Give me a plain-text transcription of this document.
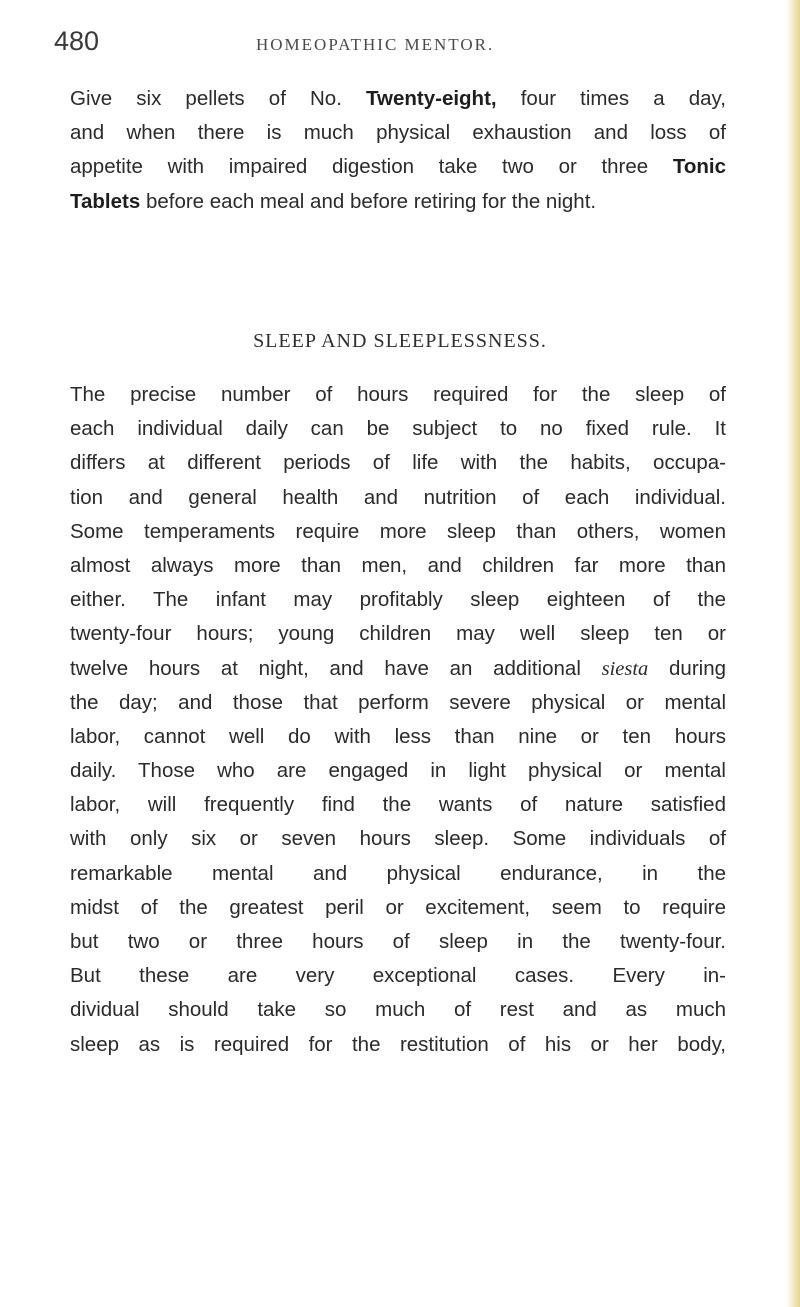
480	HOMEOPATHIC MENTOR.
Give six pellets of No. Twenty-eight, four times a day,
and when there is much physical exhaustion and loss of
appetite with impaired digestion take two or three Tonic
Tablets before each meal and before retiring for the night.
SLEEP AND SLEEPLESSNESS.
The precise number of hours required for the sleep of
each individual daily can be subject to no fixed rule. It
differs at different periods of life with the habits, occupa-
tion and general health and nutrition of each individual.
Some temperaments require more sleep than others, women
almost always more than men, and children far more than
either. The infant may profitably sleep eighteen of the
twenty-four hours; young children may well sleep ten or
twelve hours at night, and have an additional siesta during
the day; and those that perform severe physical or mental
labor, cannot well do with less than nine or ten hours
daily. Those who are engaged in light physical or mental
labor, will frequently find the wants of nature satisfied
with only six or seven hours sleep. Some individuals of
remarkable mental and physical endurance, in the
midst of the greatest peril or excitement, seem to require
but two or three hours of sleep in the twenty-four.
But these are very exceptional cases. Every in-
dividual should take so much of rest and as much
sleep as is required for the restitution of his or her body,
